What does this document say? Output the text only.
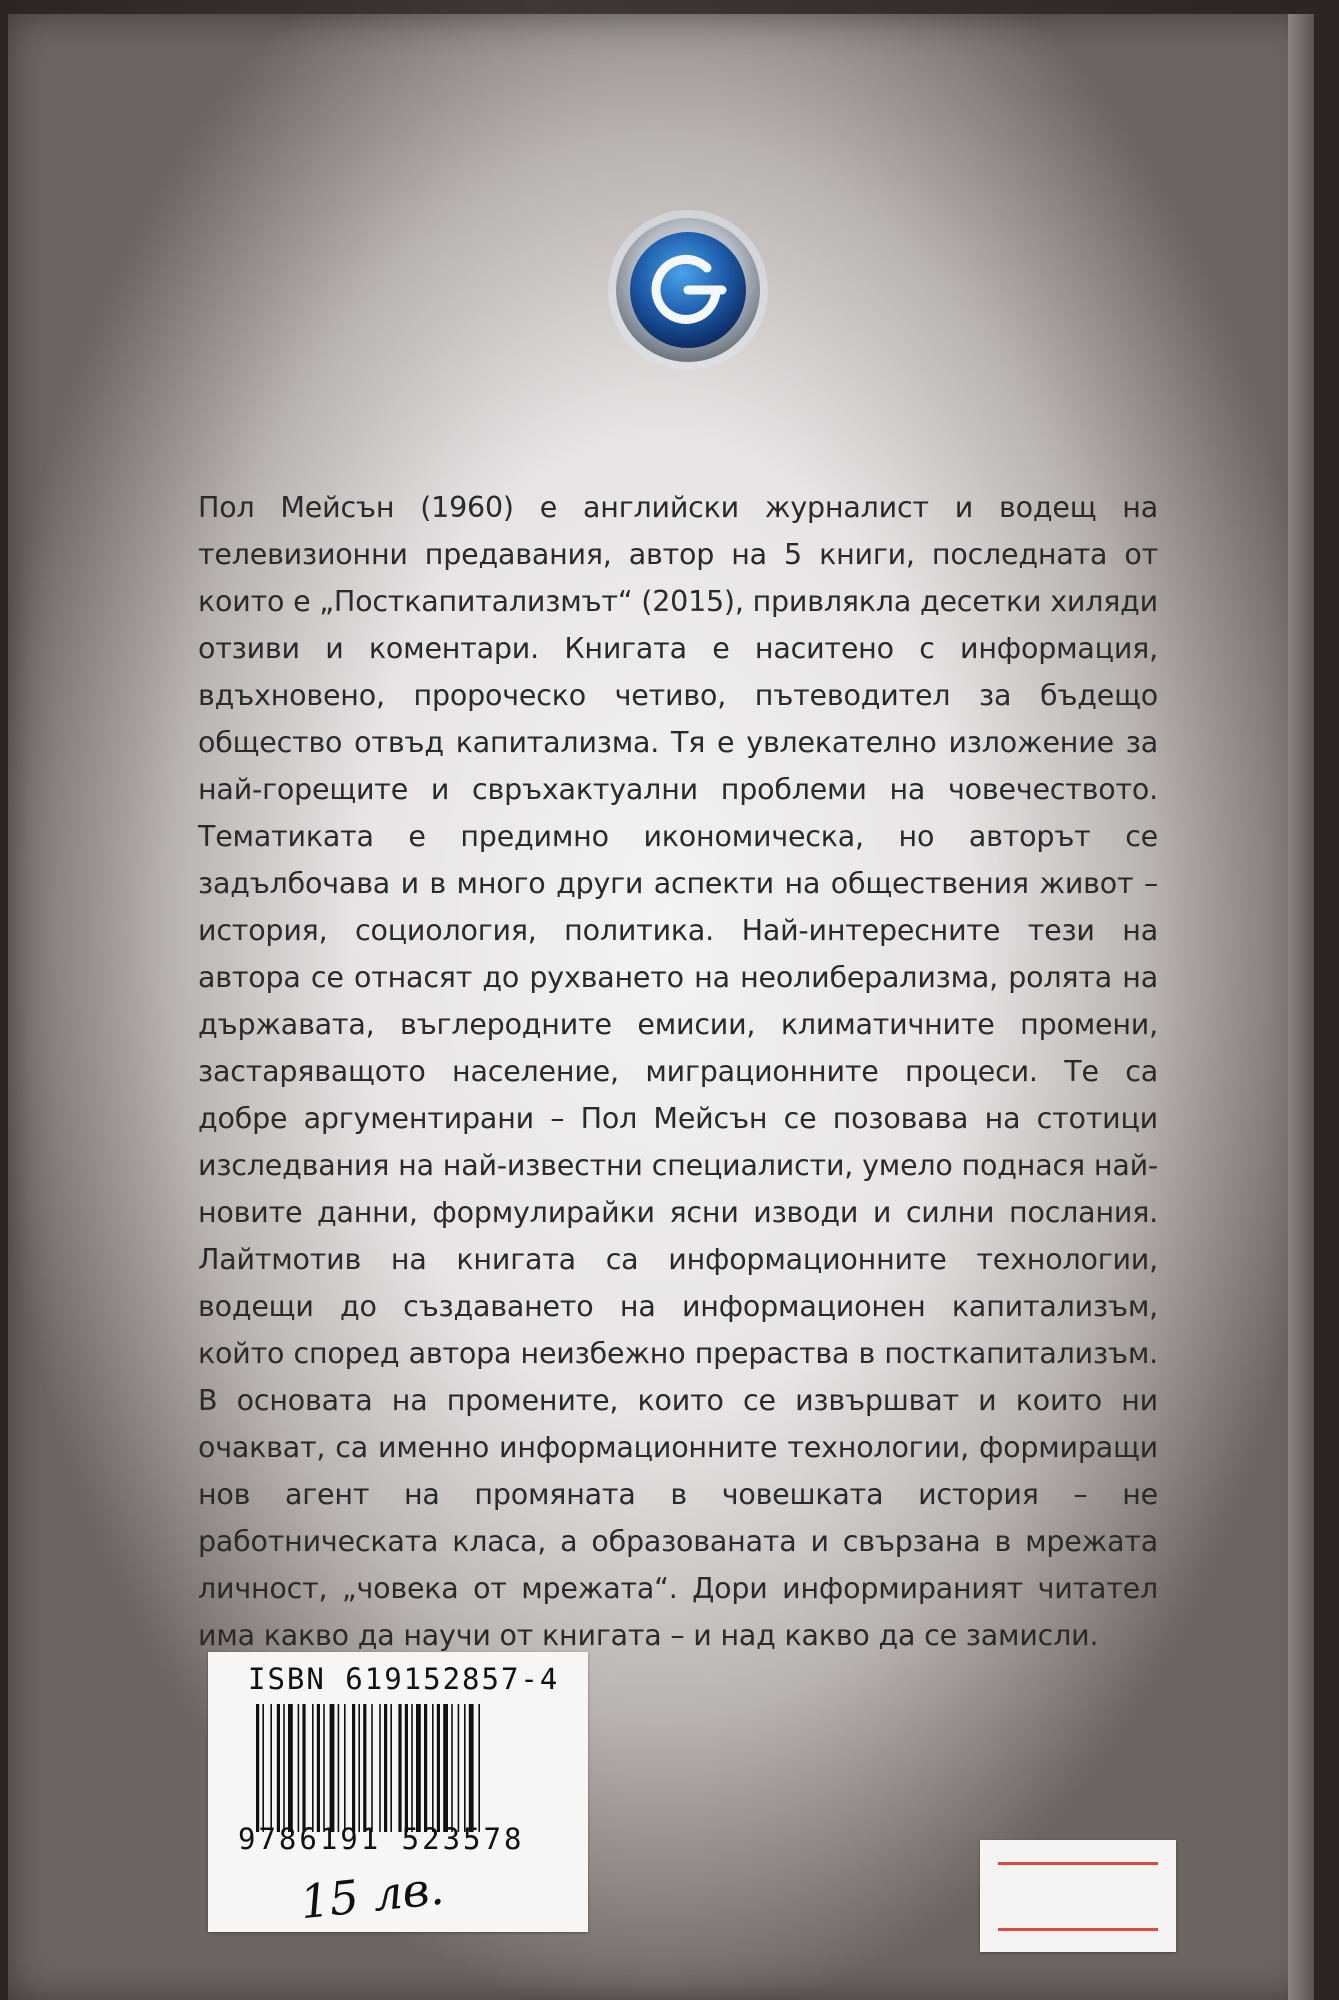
Пол Мейсън (1960) е английски журналист и водещ на телевизионни предавания, автор на 5 книги, последната от които е „Посткапитализмът“ (2015), привлякла десетки хиляди отзиви и коментари. Книгата е наситено с информация, вдъхновено, пророческо четиво, пътеводител за бъдещо общество отвъд капитализма. Тя е увлекателно изложение за най-горещите и свръхактуални проблеми на човечеството. Тематиката е предимно икономическа, но авторът се задълбочава и в много други аспекти на обществения живот – история, социология, политика. Най-интересните тези на автора се отнасят до рухването на неолиберализма, ролята на държавата, въглеродните емисии, климатичните промени, застаряващото население, миграционните процеси. Те са добре аргументирани – Пол Мейсън се позовава на стотици изследвания на най-известни специалисти, умело поднася най-новите данни, формулирайки ясни изводи и силни послания. Лайтмотив на книгата са информационните технологии, водещи до създаването на информационен капитализъм, който според автора неизбежно прераства в посткапитализъм. В основата на промените, които се извършват и които ни очакват, са именно информационните технологии, формиращи нов агент на промяната в човешката история – не работническата класа, а образованата и свързана в мрежата личност, „човека от мрежата“. Дори информираният читател има какво да научи от книгата – и над какво да се замисли.

ISBN 619152857-4

9786191 523578

15 лв.
